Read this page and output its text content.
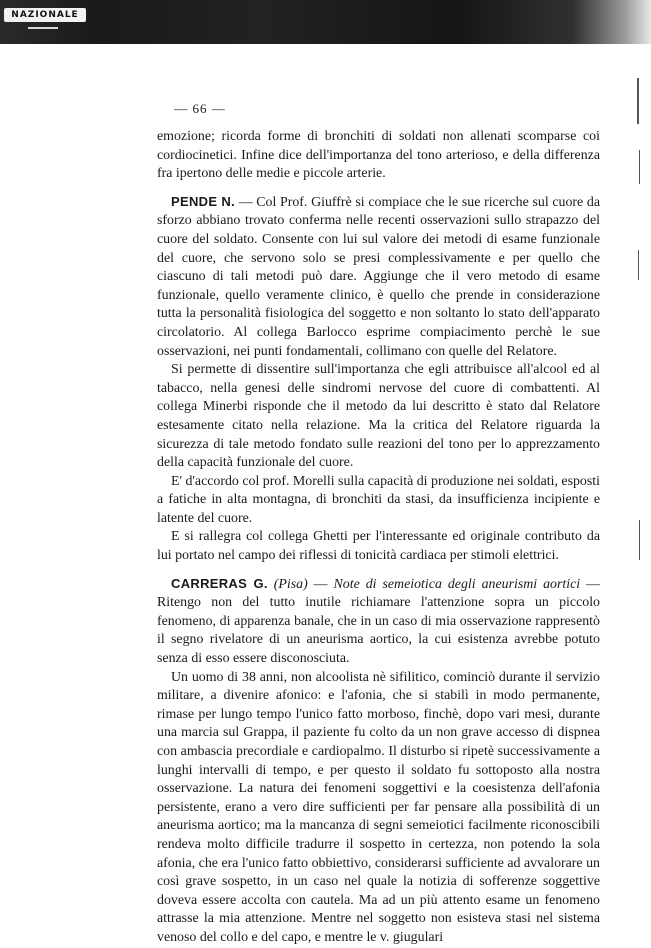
NAZIONALE
— 66 —

emozione; ricorda forme di bronchiti di soldati non allenati scomparse coi cordiocinetici. Infine dice dell'importanza del tono arterioso, e della differenza fra ipertono delle medie e piccole arterie.

PENDE N. — Col Prof. Giuffrè si compiace che le sue ricerche sul cuore da sforzo abbiano trovato conferma nelle recenti osservazioni sullo strapazzo del cuore del soldato. Consente con lui sul valore dei metodi di esame funzionale del cuore, che servono solo se presi complessivamente e per quello che ciascuno di tali metodi può dare. Aggiunge che il vero metodo di esame funzionale, quello veramente clinico, è quello che prende in considerazione tutta la personalità fisiologica del soggetto e non soltanto lo stato dell'apparato circolatorio. Al collega Barlocco esprime compiacimento perchè le sue osservazioni, nei punti fondamentali, collimano con quelle del Relatore.

Si permette di dissentire sull'importanza che egli attribuisce all'alcool ed al tabacco, nella genesi delle sindromi nervose del cuore di combattenti. Al collega Minerbi risponde che il metodo da lui descritto è stato dal Relatore estesamente citato nella relazione. Ma la critica del Relatore riguarda la sicurezza di tale metodo fondato sulle reazioni del tono per lo apprezzamento della capacità funzionale del cuore.

E' d'accordo col prof. Morelli sulla capacità di produzione nei soldati, esposti a fatiche in alta montagna, di bronchiti da stasi, da insufficienza incipiente e latente del cuore.

E si rallegra col collega Ghetti per l'interessante ed originale contributo da lui portato nel campo dei riflessi di tonicità cardiaca per stimoli elettrici.

CARRERAS G. (Pisa) — Note di semeiotica degli aneurismi aortici — Ritengo non del tutto inutile richiamare l'attenzione sopra un piccolo fenomeno, di apparenza banale, che in un caso di mia osservazione rappresentò il segno rivelatore di un aneurisma aortico, la cui esistenza avrebbe potuto senza di esso essere disconosciuta.

Un uomo di 38 anni, non alcoolista nè sifilitico, cominciò durante il servizio militare, a divenire afonico: e l'afonia, che si stabilì in modo permanente, rimase per lungo tempo l'unico fatto morboso, finchè, dopo vari mesi, durante una marcia sul Grappa, il paziente fu colto da un non grave accesso di dispnea con ambascia precordiale e cardiopalmo. Il disturbo si ripetè successivamente a lunghi intervalli di tempo, e per questo il soldato fu sottoposto alla nostra osservazione. La natura dei fenomeni soggettivi e la coesistenza dell'afonia persistente, erano a vero dire sufficienti per far pensare alla possibilità di un aneurisma aortico; ma la mancanza di segni semeiotici facilmente riconoscibili rendeva molto difficile tradurre il sospetto in certezza, non potendo la sola afonia, che era l'unico fatto obbiettivo, considerarsi sufficiente ad avvalorare un così grave sospetto, in un caso nel quale la notizia di sofferenze soggettive doveva essere accolta con cautela. Ma ad un più attento esame un fenomeno attrasse la mia attenzione. Mentre nel soggetto non esisteva stasi nel sistema venoso del collo e del capo, e mentre le v. giugulari
